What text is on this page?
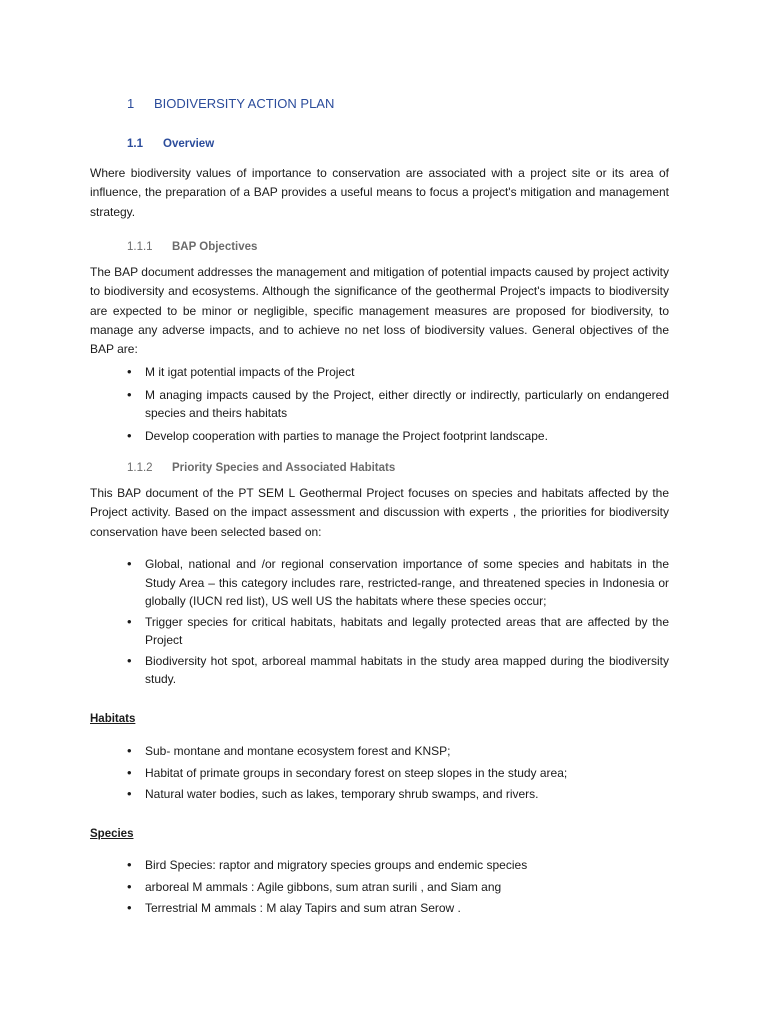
1 BIODIVERSITY ACTION PLAN
1.1 Overview

Where biodiversity values of importance to conservation are associated with a project site or its area of influence, the preparation of a BAP provides a useful means to focus a project's mitigation and management strategy.

1.1.1 BAP Objectives

The BAP document addresses the management and mitigation of potential impacts caused by project activity to biodiversity and ecosystems. Although the significance of the geothermal Project's impacts to biodiversity are expected to be minor or negligible, specific management measures are proposed for biodiversity, to manage any adverse impacts, and to achieve no net loss of biodiversity values. General objectives of the BAP are:

• M it igat potential impacts of the Project
• M anaging impacts caused by the Project, either directly or indirectly, particularly on endangered species and theirs habitats
• Develop cooperation with parties to manage the Project footprint landscape.
1.1.2 Priority Species and Associated Habitats

This BAP document of the PT SEM L Geothermal Project focuses on species and habitats affected by the Project activity. Based on the impact assessment and discussion with experts , the priorities for biodiversity conservation have been selected based on:

• Global, national and /or regional conservation importance of some species and habitats in the Study Area – this category includes rare, restricted-range, and threatened species in Indonesia or globally (IUCN red list), US well US the habitats where these species occur;
• Trigger species for critical habitats, habitats and legally protected areas that are affected by the Project
• Biodiversity hot spot, arboreal mammal habitats in the study area mapped during the biodiversity study.
Habitats
• Sub- montane and montane ecosystem forest and KNSP;
• Habitat of primate groups in secondary forest on steep slopes in the study area;
• Natural water bodies, such as lakes, temporary shrub swamps, and rivers.
Species
• Bird Species: raptor and migratory species groups and endemic species
• arboreal M ammals : Agile gibbons, sum atran surili , and Siam ang
• Terrestrial M ammals : M alay Tapirs and sum atran Serow .
